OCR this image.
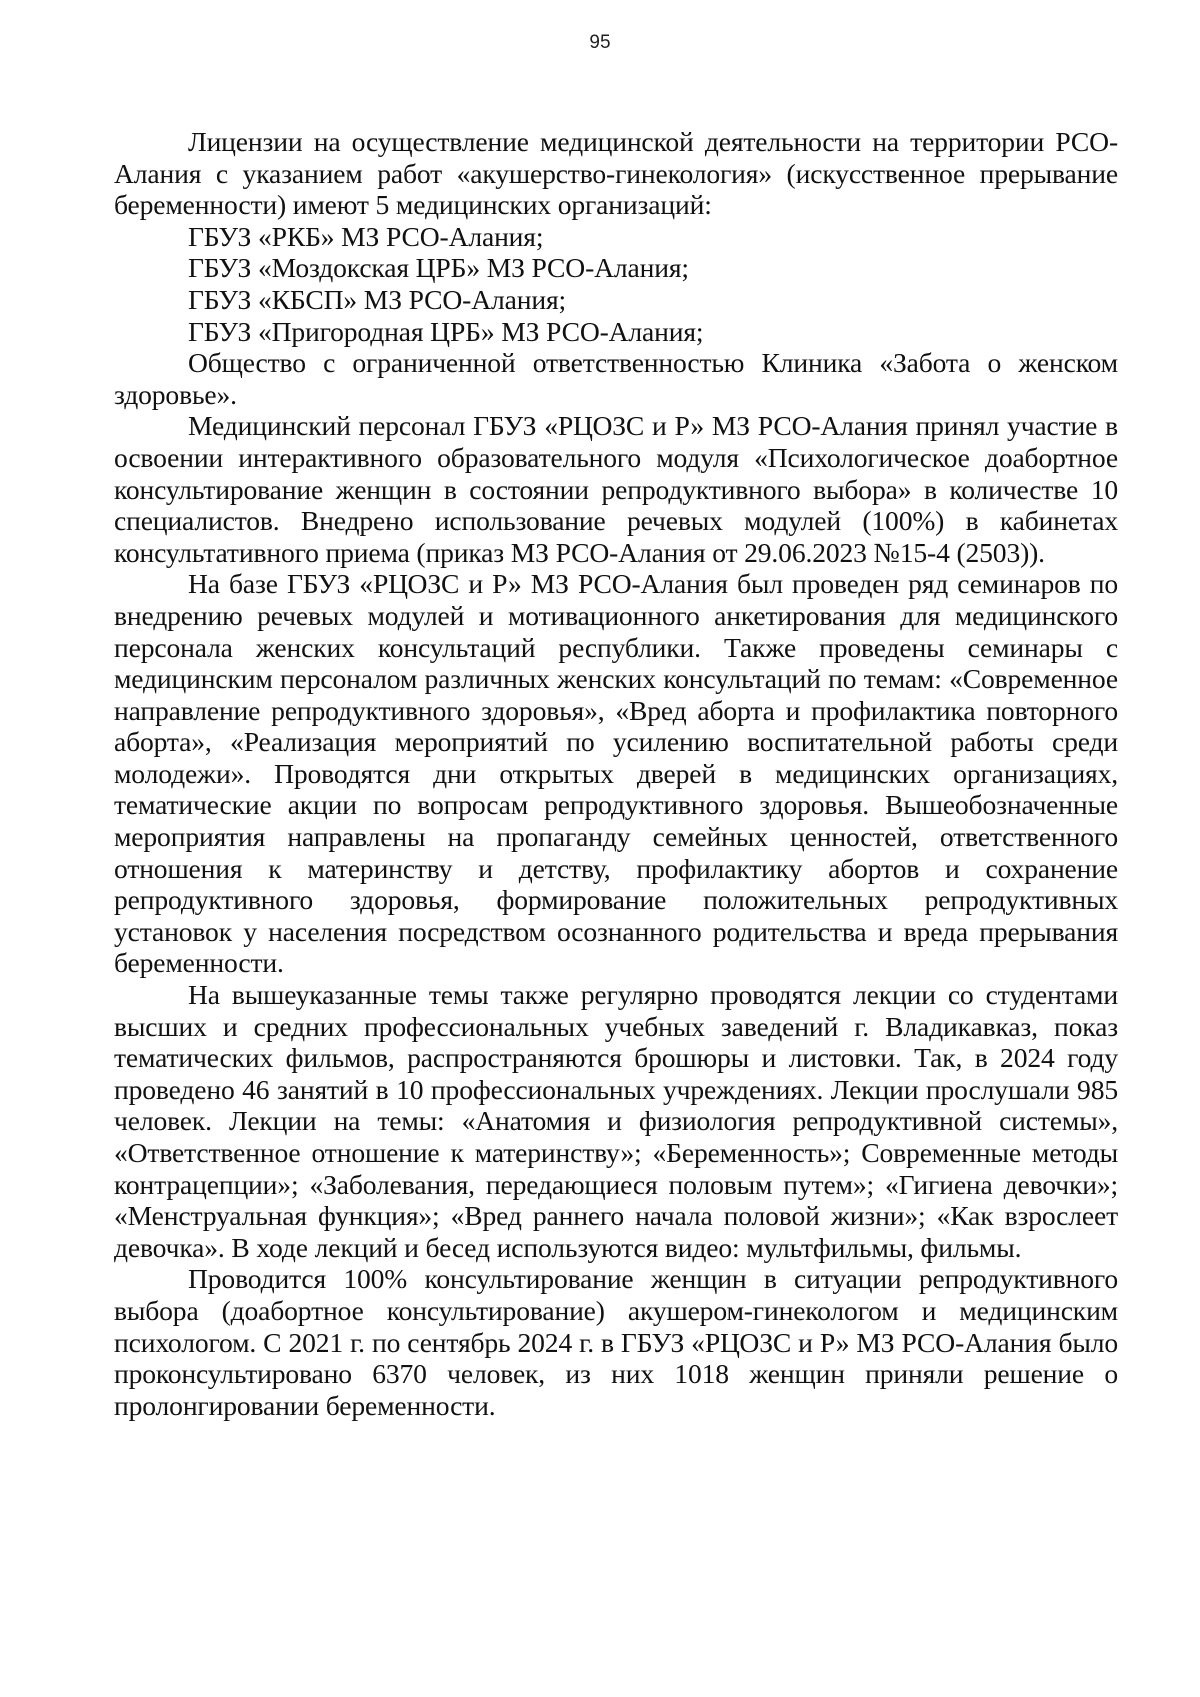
95

Лицензии на осуществление медицинской деятельности на территории РСО-Алания с указанием работ «акушерство-гинекология» (искусственное прерывание беременности) имеют 5 медицинских организаций:

ГБУЗ «РКБ» МЗ РСО-Алания;

ГБУЗ «Моздокская ЦРБ» МЗ РСО-Алания;

ГБУЗ «КБСП» МЗ РСО-Алания;

ГБУЗ «Пригородная ЦРБ» МЗ РСО-Алания;

Общество с ограниченной ответственностью Клиника «Забота о женском здоровье».

Медицинский персонал ГБУЗ «РЦОЗС и Р» МЗ РСО-Алания принял участие в освоении интерактивного образовательного модуля «Психологическое доабортное консультирование женщин в состоянии репродуктивного выбора» в количестве 10 специалистов. Внедрено использование речевых модулей (100%) в кабинетах консультативного приема (приказ МЗ РСО-Алания от 29.06.2023 №15-4 (2503)).

На базе ГБУЗ «РЦОЗС и Р» МЗ РСО-Алания был проведен ряд семинаров по внедрению речевых модулей и мотивационного анкетирования для медицинского персонала женских консультаций республики. Также проведены семинары с медицинским персоналом различных женских консультаций по темам: «Современное направление репродуктивного здоровья», «Вред аборта и профилактика повторного аборта», «Реализация мероприятий по усилению воспитательной работы среди молодежи». Проводятся дни открытых дверей в медицинских организациях, тематические акции по вопросам репродуктивного здоровья. Вышеобозначенные мероприятия направлены на пропаганду семейных ценностей, ответственного отношения к материнству и детству, профилактику абортов и сохранение репродуктивного здоровья, формирование положительных репродуктивных установок у населения посредством осознанного родительства и вреда прерывания беременности.

На вышеуказанные темы также регулярно проводятся лекции со студентами высших и средних профессиональных учебных заведений г. Владикавказ, показ тематических фильмов, распространяются брошюры и листовки. Так, в 2024 году проведено 46 занятий в 10 профессиональных учреждениях. Лекции прослушали 985 человек. Лекции на темы: «Анатомия и физиология репродуктивной системы», «Ответственное отношение к материнству»; «Беременность»; Современные методы контрацепции»; «Заболевания, передающиеся половым путем»; «Гигиена девочки»; «Менструальная функция»; «Вред раннего начала половой жизни»; «Как взрослеет девочка». В ходе лекций и бесед используются видео: мультфильмы, фильмы.

Проводится 100% консультирование женщин в ситуации репродуктивного выбора (доабортное консультирование) акушером-гинекологом и медицинским психологом. С 2021 г. по сентябрь 2024 г. в ГБУЗ «РЦОЗС и Р» МЗ РСО-Алания было проконсультировано 6370 человек, из них 1018 женщин приняли решение о пролонгировании беременности.
